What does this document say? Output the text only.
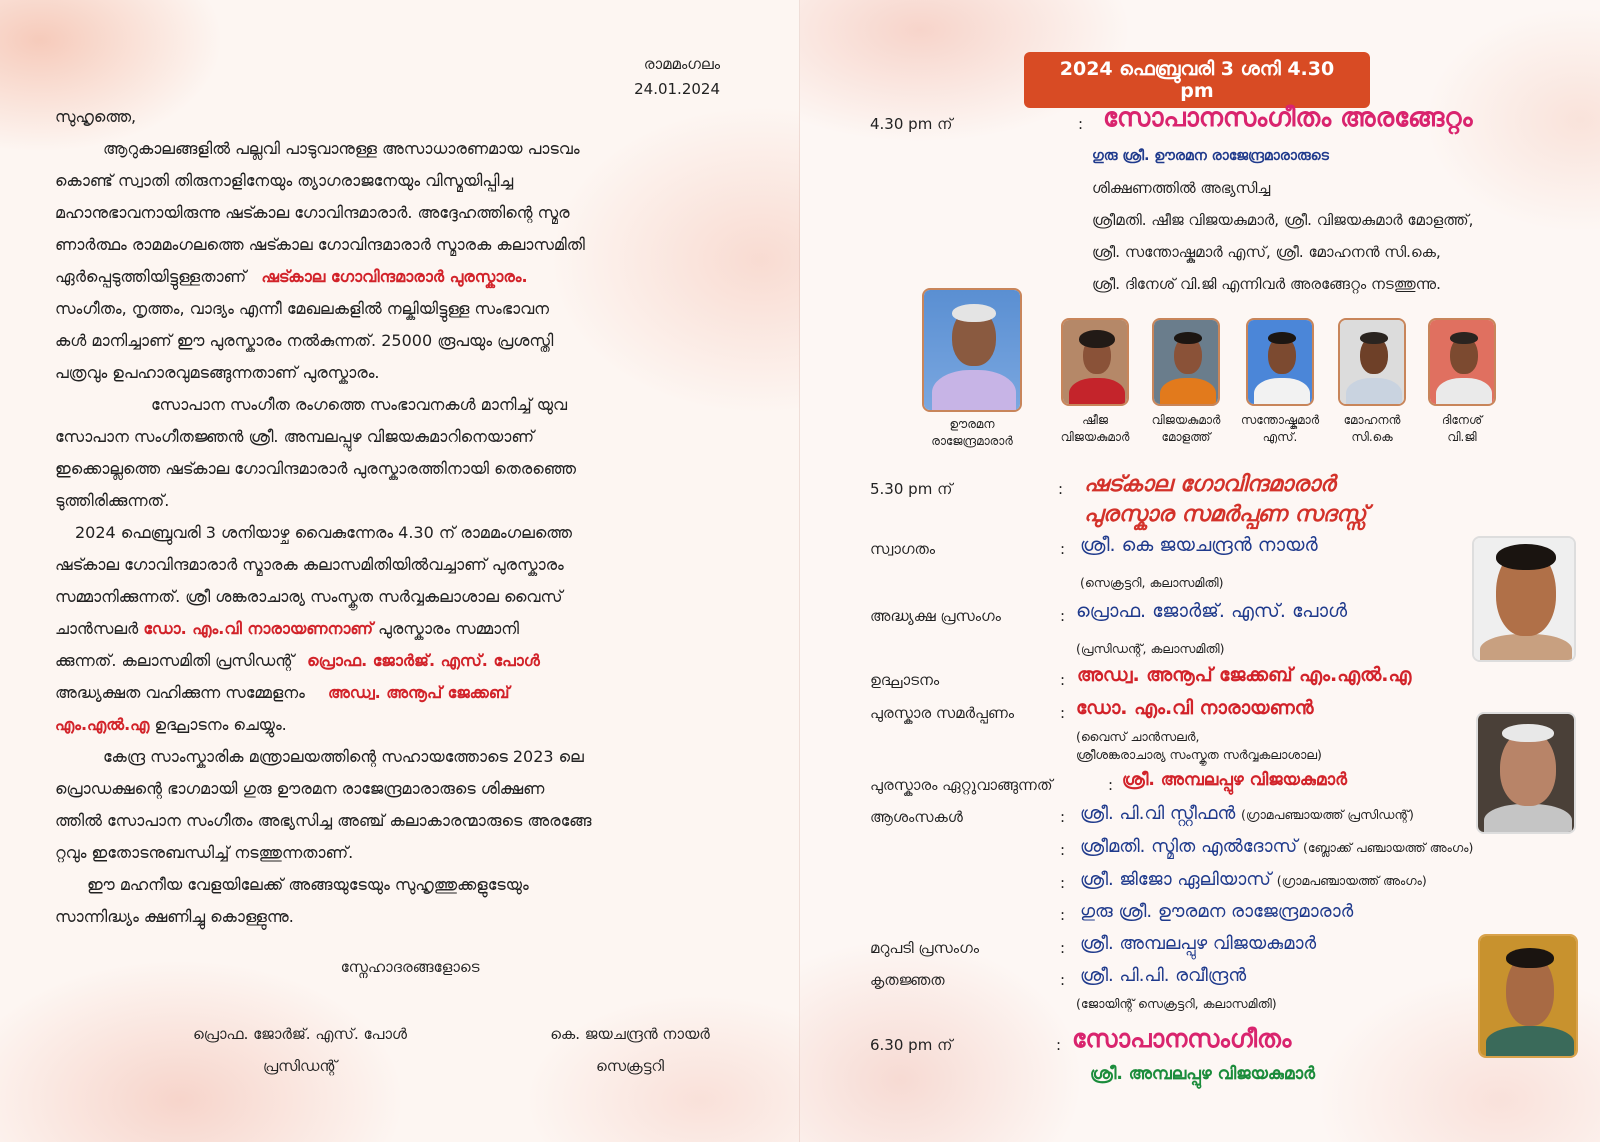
രാമമംഗലം
24.01.2024
സുഹൃത്തെ,
ആറുകാലങ്ങളിൽ പല്ലവി പാടുവാനുള്ള അസാധാരണമായ പാടവം
കൊണ്ട് സ്വാതി തിരുനാളിനേയും ത്യാഗരാജനേയും വിസ്മയിപ്പിച്ച
മഹാനുഭാവനായിരുന്നു ഷട്കാല ഗോവിന്ദമാരാർ. അദ്ദേഹത്തിന്റെ സ്മര
ണാർത്ഥം രാമമംഗലത്തെ ഷട്കാല ഗോവിന്ദമാരാർ സ്മാരക കലാസമിതി
ഏർപ്പെടുത്തിയിട്ടുള്ളതാണ് ഷട്കാല ഗോവിന്ദമാരാർ പുരസ്കാരം.
സംഗീതം, നൃത്തം, വാദ്യം എന്നീ മേഖലകളിൽ നല്കിയിട്ടുള്ള സംഭാവന
കൾ മാനിച്ചാണ് ഈ പുരസ്കാരം നൽകുന്നത്. 25000 രൂപയും പ്രശസ്തി
പത്രവും ഉപഹാരവുമടങ്ങുന്നതാണ് പുരസ്കാരം.
സോപാന സംഗീത രംഗത്തെ സംഭാവനകൾ മാനിച്ച് യുവ
സോപാന സംഗീതജ്ഞൻ ശ്രീ. അമ്പലപ്പുഴ വിജയകുമാറിനെയാണ്
ഇക്കൊല്ലത്തെ ഷട്കാല ഗോവിന്ദമാരാർ പുരസ്കാരത്തിനായി തെരഞ്ഞെ
ടുത്തിരിക്കുന്നത്.
2024 ഫെബ്രുവരി 3 ശനിയാഴ്ച വൈകുന്നേരം 4.30 ന് രാമമംഗലത്തെ
ഷട്കാല ഗോവിന്ദമാരാർ സ്മാരക കലാസമിതിയിൽവച്ചാണ് പുരസ്കാരം
സമ്മാനിക്കുന്നത്. ശ്രീ ശങ്കരാചാര്യ സംസ്കൃത സർവ്വകലാശാല വൈസ്
ചാൻസലർ ഡോ. എം.വി നാരായണനാണ് പുരസ്കാരം സമ്മാനി
ക്കുന്നത്. കലാസമിതി പ്രസിഡന്റ് പ്രൊഫ. ജോർജ്. എസ്. പോൾ
അദ്ധ്യക്ഷത വഹിക്കുന്ന സമ്മേളനം അഡ്വ. അനൂപ് ജേക്കബ്
എം.എൽ.എ ഉദ്ഘാടനം ചെയ്യും.
കേന്ദ്ര സാംസ്കാരിക മന്ത്രാലയത്തിന്റെ സഹായത്തോടെ 2023 ലെ
പ്രൊഡക്ഷന്റെ ഭാഗമായി ഗുരു ഊരമന രാജേന്ദ്രമാരാരുടെ ശിക്ഷണ
ത്തിൽ സോപാന സംഗീതം അഭ്യസിച്ച അഞ്ച് കലാകാരന്മാരുടെ അരങ്ങേ
റ്റവും ഇതോടനുബന്ധിച്ച് നടത്തുന്നതാണ്.
ഈ മഹനീയ വേളയിലേക്ക് അങ്ങയുടേയും സുഹൃത്തുക്കളുടേയും
സാന്നിദ്ധ്യം ക്ഷണിച്ചു കൊള്ളുന്നു.
സ്നേഹാദരങ്ങളോടെ
പ്രൊഫ. ജോർജ്. എസ്. പോൾ
പ്രസിഡന്റ്
കെ. ജയചന്ദ്രൻ നായർ
സെക്രട്ടറി
2024 ഫെബ്രുവരി 3 ശനി 4.30 pm
4.30 pm ന്	: സോപാനസംഗീതം അരങ്ങേറ്റം
ഗുരു ശ്രീ. ഊരമന രാജേന്ദ്രമാരാരുടെ
ശിക്ഷണത്തിൽ അഭ്യസിച്ച
ശ്രീമതി. ഷീജ വിജയകുമാർ, ശ്രീ. വിജയകുമാർ മോളത്ത്,
ശ്രീ. സന്തോഷ്കുമാർ എസ്, ശ്രീ. മോഹനൻ സി.കെ,
ശ്രീ. ദിനേശ് വി.ജി എന്നിവർ അരങ്ങേറ്റം നടത്തുന്നു.
ഊരമന
രാജേന്ദ്രമാരാർ
ഷീജ
വിജയകുമാർ
വിജയകുമാർ
മോളത്ത്
സന്തോഷ്കുമാർ
എസ്.
മോഹനൻ
സി.കെ
ദിനേശ്
വി.ജി
5.30 pm ന്	: ഷട്കാല ഗോവിന്ദമാരാർ
പുരസ്കാര സമർപ്പണ സദസ്സ്
സ്വാഗതം	: ശ്രീ. കെ ജയചന്ദ്രൻ നായർ
(സെക്രട്ടറി, കലാസമിതി)
അദ്ധ്യക്ഷ പ്രസംഗം	: പ്രൊഫ. ജോർജ്. എസ്. പോൾ
(പ്രസിഡന്റ്, കലാസമിതി)
ഉദ്ഘാടനം	: അഡ്വ. അനൂപ് ജേക്കബ് എം.എൽ.എ
പുരസ്കാര സമർപ്പണം	: ഡോ. എം.വി നാരായണൻ
(വൈസ് ചാൻസലർ,
ശ്രീശങ്കരാചാര്യ സംസ്കൃത സർവ്വകലാശാല)
പുരസ്കാരം ഏറ്റുവാങ്ങുന്നത്	: ശ്രീ. അമ്പലപ്പുഴ വിജയകുമാർ
ആശംസകൾ	: ശ്രീ. പി.വി സ്റ്റീഫൻ (ഗ്രാമപഞ്ചായത്ത് പ്രസിഡന്റ്)
: ശ്രീമതി. സ്മിത എൽദോസ് (ബ്ലോക്ക് പഞ്ചായത്ത് അംഗം)
: ശ്രീ. ജിജോ ഏലിയാസ് (ഗ്രാമപഞ്ചായത്ത് അംഗം)
: ഗുരു ശ്രീ. ഊരമന രാജേന്ദ്രമാരാർ
മറുപടി പ്രസംഗം	: ശ്രീ. അമ്പലപ്പുഴ വിജയകുമാർ
കൃതജ്ഞത	: ശ്രീ. പി.പി. രവീന്ദ്രൻ
(ജോയിന്റ് സെക്രട്ടറി, കലാസമിതി)
6.30 pm ന്	: സോപാനസംഗീതം
ശ്രീ. അമ്പലപ്പുഴ വിജയകുമാർ
